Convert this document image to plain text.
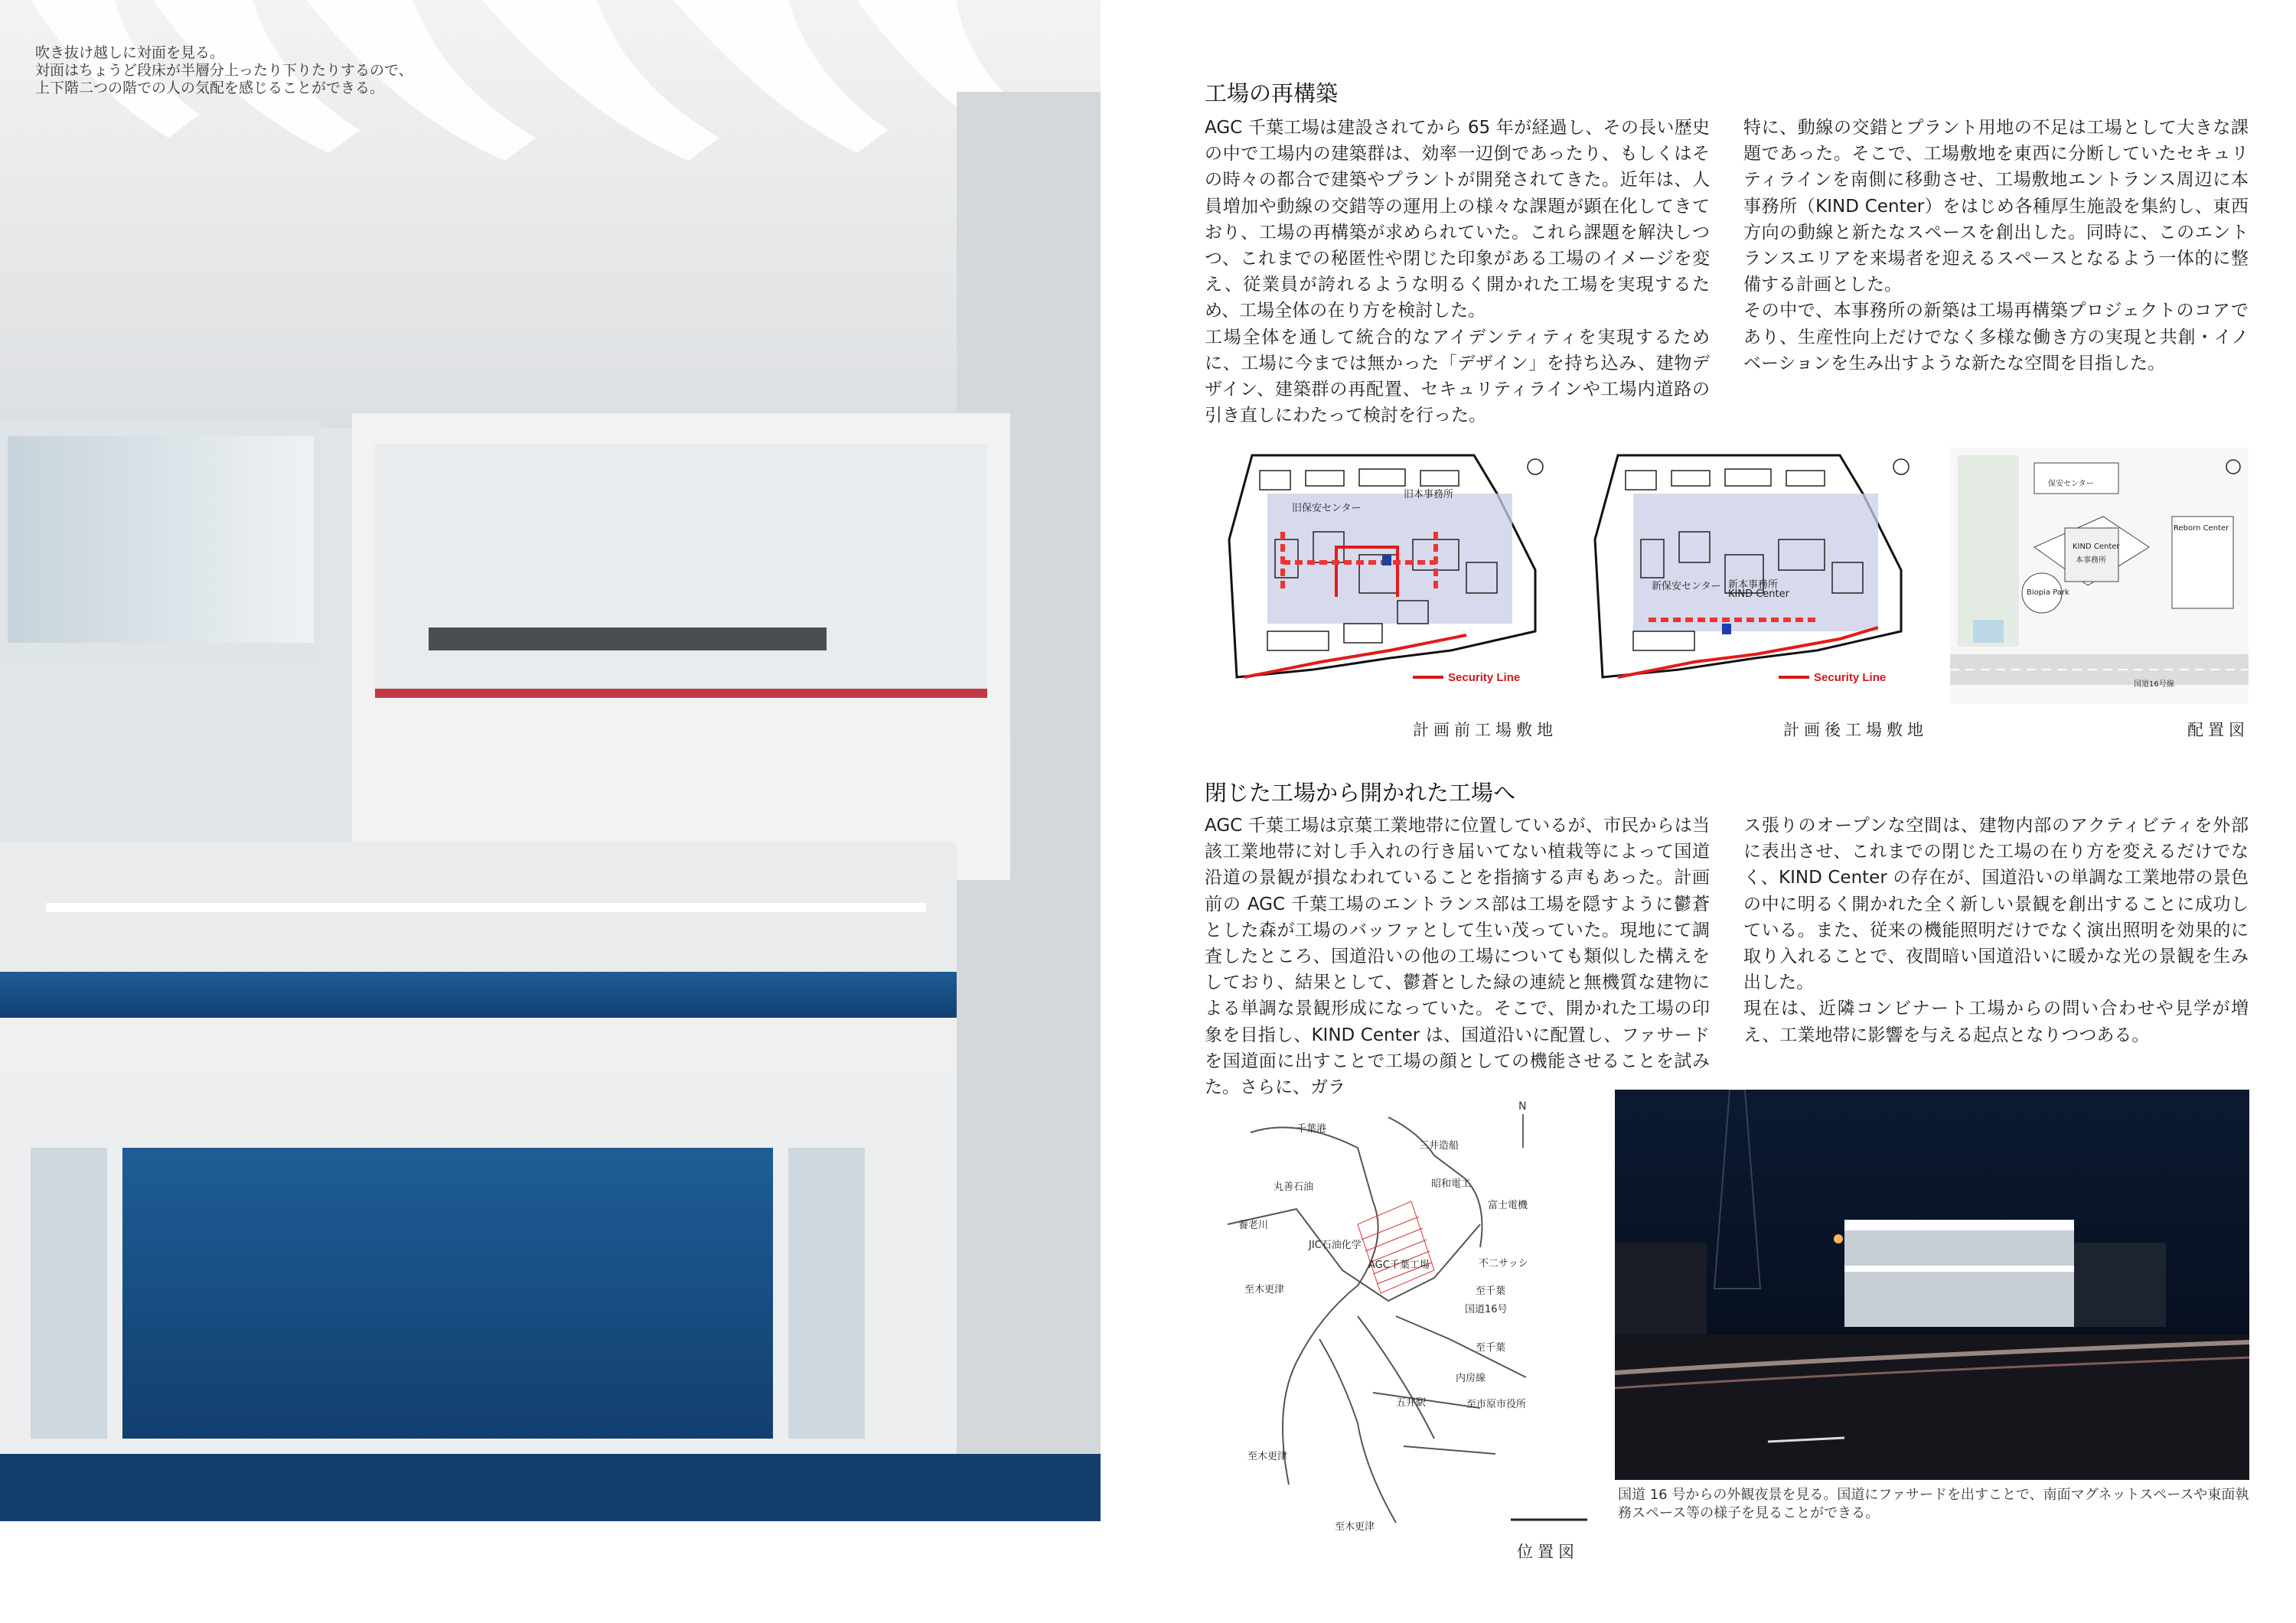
吹き抜け越しに対面を見る。
対面はちょうど段床が半層分上ったり下りたりするので、
上下階二つの階での人の気配を感じることができる。	工場の再構築

AGC 千葉工場は建設されてから 65 年が経過し、その長い歴史の中で工場内の建築群は、効率一辺倒であったり、もしくはその時々の都合で建築やプラントが開発されてきた。近年は、人員増加や動線の交錯等の運用上の様々な課題が顕在化してきており、工場の再構築が求められていた。これら課題を解決しつつ、これまでの秘匿性や閉じた印象がある工場のイメージを変え、従業員が誇れるような明るく開かれた工場を実現するため、工場全体の在り方を検討した。

工場全体を通して統合的なアイデンティティを実現するために、工場に今までは無かった「デザイン」を持ち込み、建物デザイン、建築群の再配置、セキュリティラインや工場内道路の引き直しにわたって検討を行った。

特に、動線の交錯とプラント用地の不足は工場として大きな課題であった。そこで、工場敷地を東西に分断していたセキュリティラインを南側に移動させ、工場敷地エントランス周辺に本事務所（KIND Center）をはじめ各種厚生施設を集約し、東西方向の動線と新たなスペースを創出した。同時に、このエントランスエリアを来場者を迎えるスペースとなるよう一体的に整備する計画とした。

その中で、本事務所の新築は工場再構築プロジェクトのコアであり、生産性向上だけでなく多様な働き方の実現と共創・イノベーションを生み出すような新たな空間を目指した。

旧保安センター
旧本事務所
Security Line
計画前工場敷地
新保安センター 新本事務所
KIND Center
Security Line
計画後工場敷地
保安センター
KIND Center
本事務所
Biopia Park
Reborn Center
国道16号線
配置図
閉じた工場から開かれた工場へ

AGC 千葉工場は京葉工業地帯に位置しているが、市民からは当該工業地帯に対し手入れの行き届いてない植栽等によって国道沿道の景観が損なわれていることを指摘する声もあった。計画前の AGC 千葉工場のエントランス部は工場を隠すように鬱蒼とした森が工場のバッファとして生い茂っていた。現地にて調査したところ、国道沿いの他の工場についても類似した構えをしており、結果として、鬱蒼とした緑の連続と無機質な建物による単調な景観形成になっていた。そこで、開かれた工場の印象を目指し、KIND Center は、国道沿いに配置し、ファサードを国道面に出すことで工場の顔としての機能させることを試みた。さらに、ガラ

ス張りのオープンな空間は、建物内部のアクティビティを外部に表出させ、これまでの閉じた工場の在り方を変えるだけでなく、KIND Center の存在が、国道沿いの単調な工業地帯の景色の中に明るく開かれた全く新しい景観を創出することに成功している。また、従来の機能照明だけでなく演出照明を効果的に取り入れることで、夜間暗い国道沿いに暖かな光の景観を生み出した。

現在は、近隣コンビナート工場からの問い合わせや見学が増え、工業地帯に影響を与える起点となりつつある。

N
千葉港
三井造船
昭和電工
丸善石油
富士電機
養老川
JIC石油化学
AGC千葉工場	不二サッシ
至木更津	至千葉
国道16号
至千葉
内房線
五井駅	至市原市役所
至木更津
至木更津
位置図
国道 16 号からの外観夜景を見る。国道にファサードを出すことで、南面マグネットスペースや東面執
務スペース等の様子を見ることができる。
